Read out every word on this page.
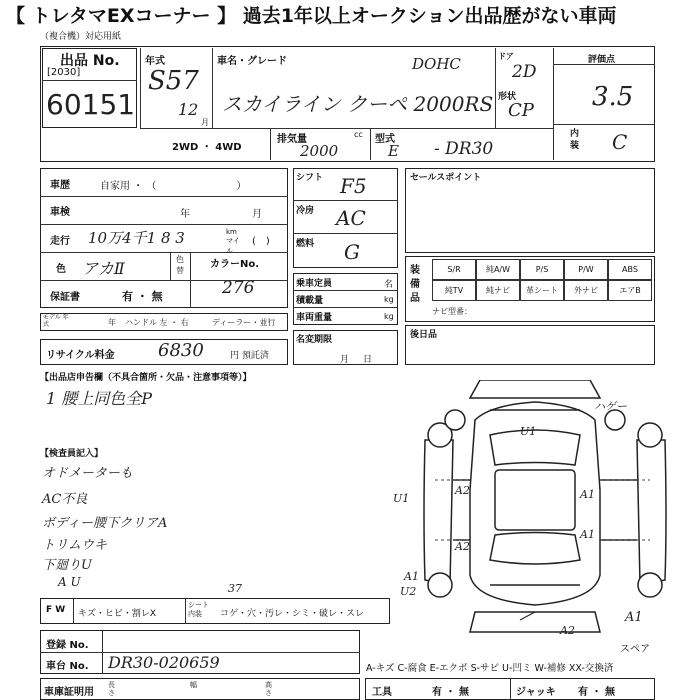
【 トレタマEXコーナー 】 過去1年以上オークション出品歴がない車両
（複合機）対応用紙
出品 No.
[2030]
60151
年式
S57
12
月
車名・グレード	DOHC
スカイライン クーペ 2000RS
ドア
2D
形状
CP
評価点
3.5
内装 C
2WD ・ 4WD
排気量	cc
2000
型式
E - DR30
車歴	自家用 ・ （　　　　　　　　）
車検	年	月
走行 10万4千1 8 3	km マイル
(　)
色 アカⅡ	色替
カラーNo.
276
保証書	有 ・ 無
モデル 年式	年 ハンドル 左 ・ 右	ディーラー・並行
リサイクル料金 6830	円 預託済
シフト F5
冷房 AC
燃料 G
乗車定員	名
積載量	kg
車両重量	kg
名変期限
月日
セールスポイント
装備品
S/R	純A/W	P/S	P/W	ABS
純TV	純ナビ	革シート	外ナビ	エアB
ナビ型番：
後日品
【出品店申告欄（不具合箇所・欠品・注意事項等）】
1 腰上同色全P
【検査員記入】
オドメーターも
AC不良
ボディー腰下クリアA
トリムウキ
下廻りU
A U
U1
A2
U1	A1
A1
A2
U2
A1
A2
ハゲー
A1
スペア
F W キズ・ヒビ・割レX
シート 内装	コゲ・穴・汚レ・シミ・破レ・スレ
37
登録 No.
車台 No. DR30-020659
車庫証明用
長さ
幅	高さ
A-キズ C-腐食 E-エクボ S-サビ U-凹ミ W-補修 XX-交換済
工具	有 ・ 無	ジャッキ 有 ・ 無
